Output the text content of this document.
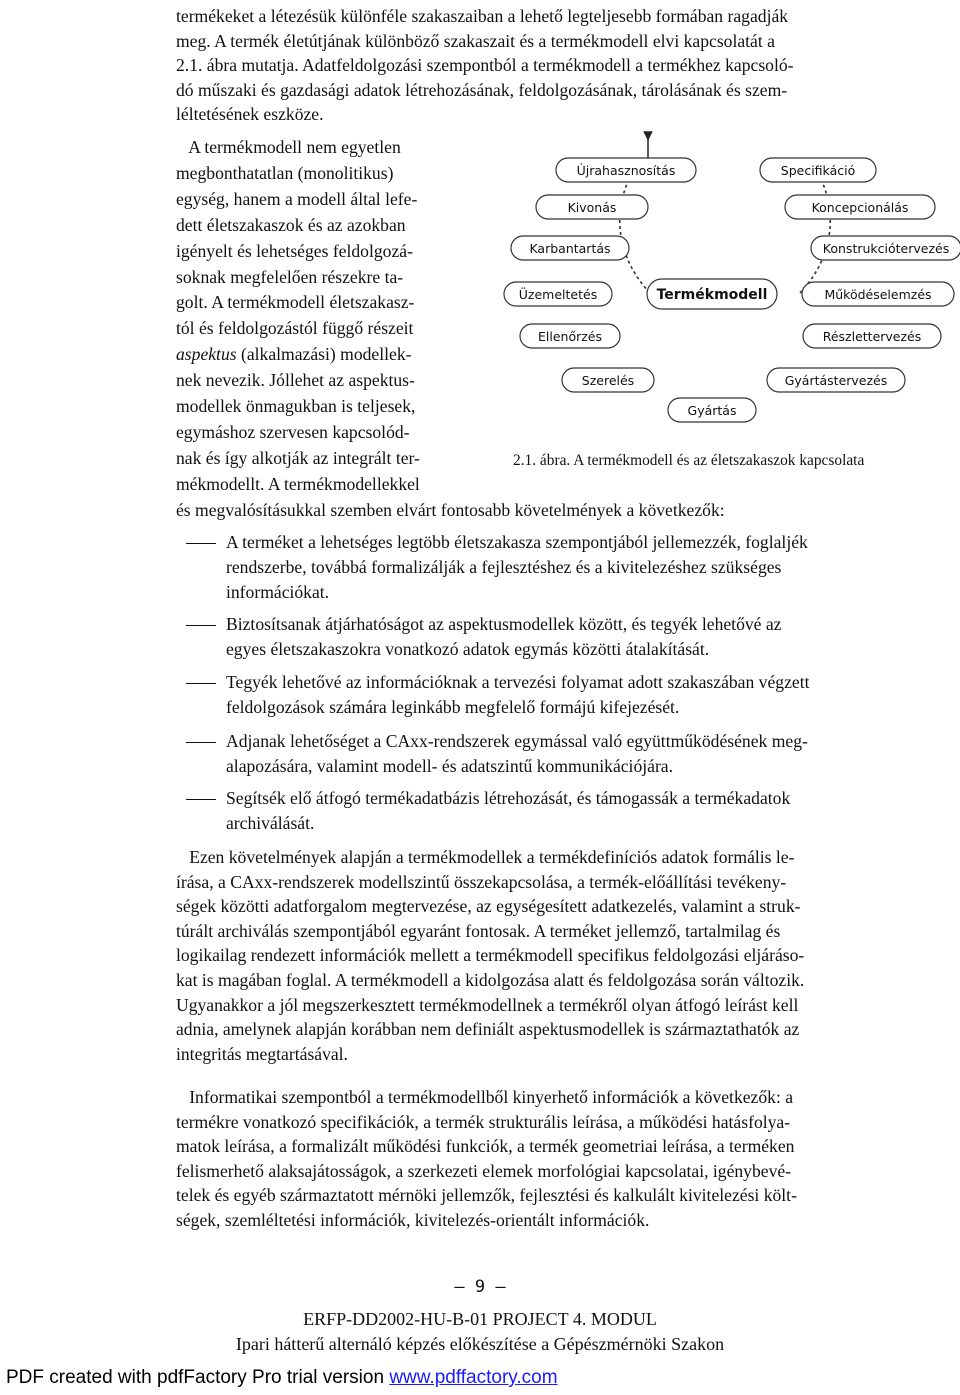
termékeket a létezésük különféle szakaszaiban a lehető legteljesebb formában ragadják
meg. A termék életútjának különböző szakaszait és a termékmodell elvi kapcsolatát a
2.1. ábra mutatja. Adatfeldolgozási szempontból a termékmodell a termékhez kapcsoló-
dó műszaki és gazdasági adatok létrehozásának, feldolgozásának, tárolásának és szem-
léltetésének eszköze.
A termékmodell nem egyetlen
megbonthatatlan (monolitikus)
egység, hanem a modell által lefe-
dett életszakaszok és az azokban
igényelt és lehetséges feldolgozá-
soknak megfelelően részekre ta-
golt. A termékmodell életszakasz-
tól és feldolgozástól függő részeit
aspektus (alkalmazási) modellek-
nek nevezik. Jóllehet az aspektus-
modellek önmagukban is teljesek,
egymáshoz szervesen kapcsolód-
nak és így alkotják az integrált ter-
mékmodellt. A termékmodellekkel
és megvalósításukkal szemben elvárt fontosabb követelmények a következők:
Újrahasznosítás
Kivonás
Karbantartás
Üzemeltetés
Ellenőrzés
Szerelés
Specifikáció
Koncepcionálás
Konstrukciótervezés
Működéselemzés
Részlettervezés
Gyártástervezés
Gyártás
Termékmodell
2.1. ábra. A termékmodell és az életszakaszok kapcsolata
A terméket a lehetséges legtöbb életszakasza szempontjából jellemezzék, foglaljék
rendszerbe, továbbá formalizálják a fejlesztéshez és a kivitelezéshez szükséges
információkat.
Biztosítsanak átjárhatóságot az aspektusmodellek között, és tegyék lehetővé az
egyes életszakaszokra vonatkozó adatok egymás közötti átalakítását.
Tegyék lehetővé az információknak a tervezési folyamat adott szakaszában végzett
feldolgozások számára leginkább megfelelő formájú kifejezését.
Adjanak lehetőséget a CAxx-rendszerek egymással való együttműködésének meg-
alapozására, valamint modell- és adatszintű kommunikációjára.
Segítsék elő átfogó termékadatbázis létrehozását, és támogassák a termékadatok
archiválását.
Ezen követelmények alapján a termékmodellek a termékdefiníciós adatok formális le-
írása, a CAxx-rendszerek modellszintű összekapcsolása, a termék-előállítási tevékeny-
ségek közötti adatforgalom megtervezése, az egységesített adatkezelés, valamint a struk-
túrált archiválás szempontjából egyaránt fontosak. A terméket jellemző, tartalmilag és
logikailag rendezett információk mellett a termékmodell specifikus feldolgozási eljáráso-
kat is magában foglal. A termékmodell a kidolgozása alatt és feldolgozása során változik.
Ugyanakkor a jól megszerkesztett termékmodellnek a termékről olyan átfogó leírást kell
adnia, amelynek alapján korábban nem definiált aspektusmodellek is származtathatók az
integritás megtartásával.
Informatikai szempontból a termékmodellből kinyerhető információk a következők: a
termékre vonatkozó specifikációk, a termék strukturális leírása, a működési hatásfolya-
matok leírása, a formalizált működési funkciók, a termék geometriai leírása, a terméken
felismerhető alaksajátosságok, a szerkezeti elemek morfológiai kapcsolatai, igénybevé-
telek és egyéb származtatott mérnöki jellemzők, fejlesztési és kalkulált kivitelezési költ-
ségek, szemléltetési információk, kivitelezés-orientált információk.
– 9 –
ERFP-DD2002-HU-B-01 PROJECT 4. MODUL
Ipari hátterű alternáló képzés előkészítése a Gépészmérnöki Szakon
PDF created with pdfFactory Pro trial version www.pdffactory.com
